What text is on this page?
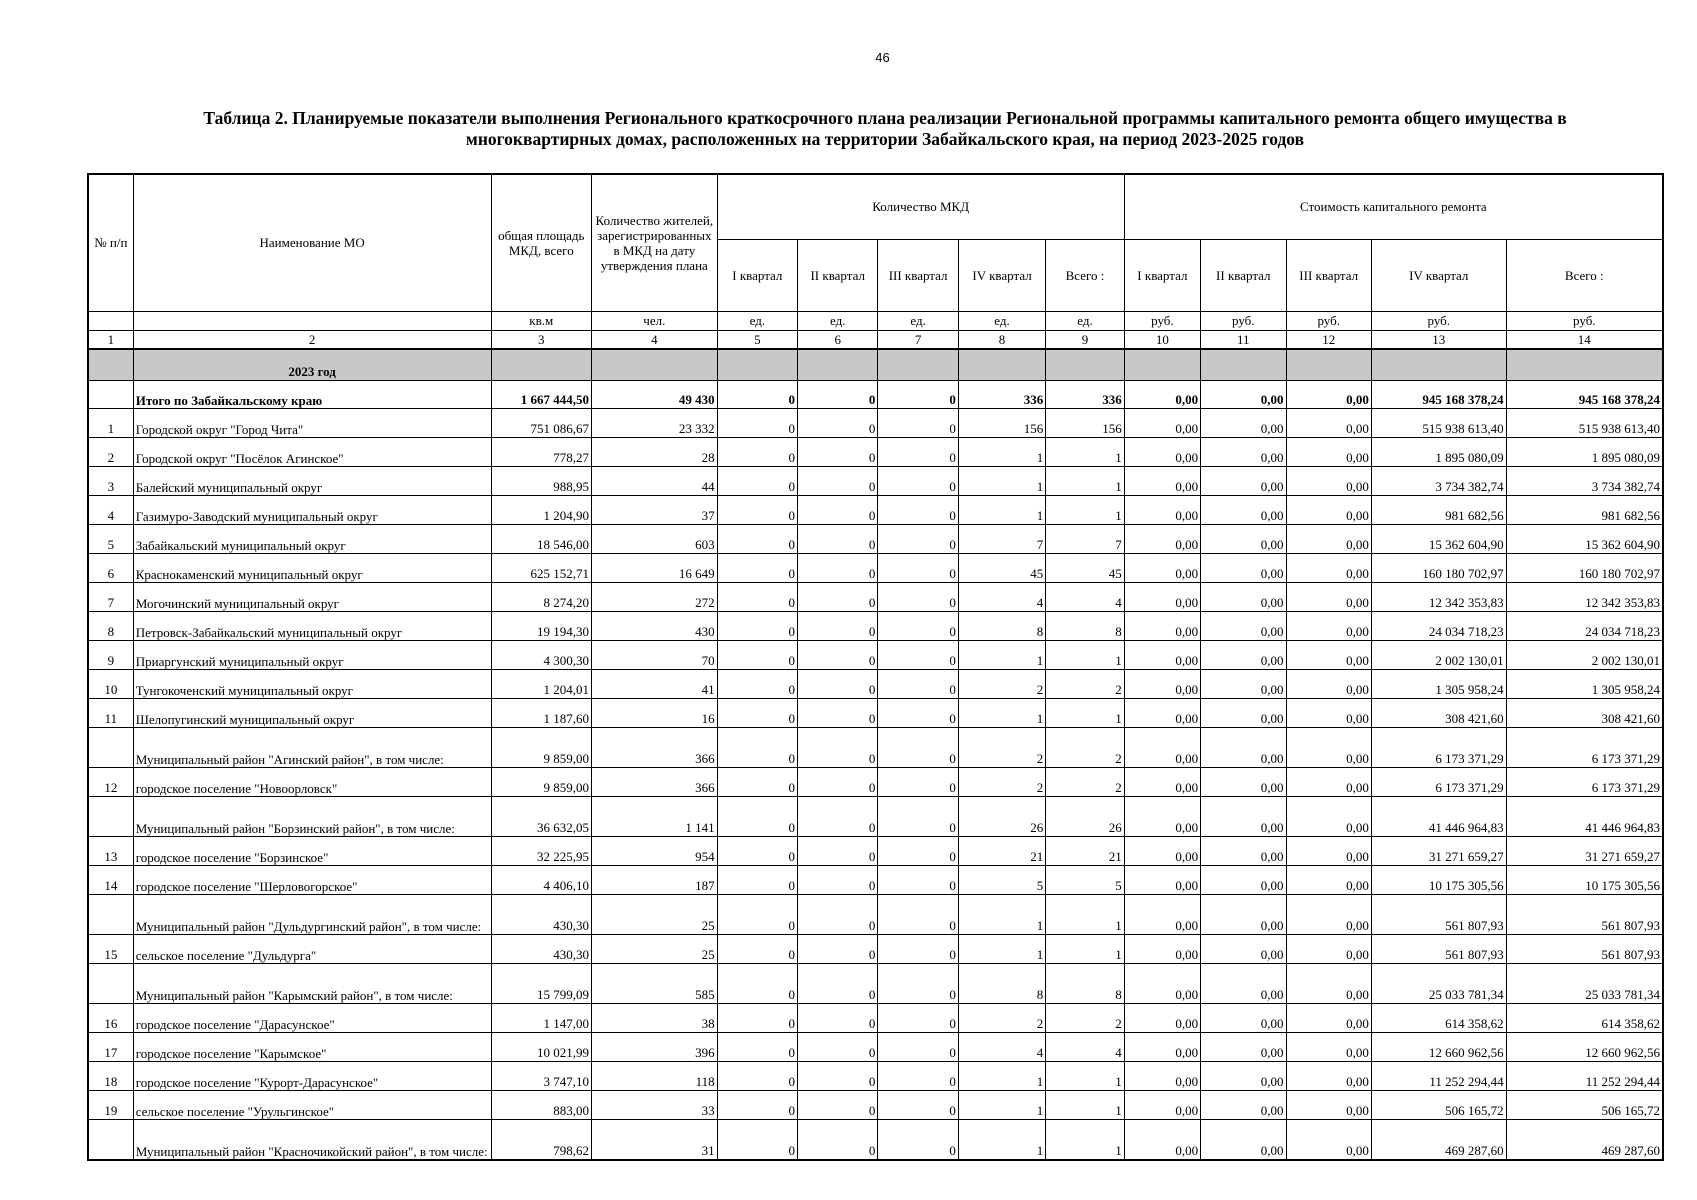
46
Таблица 2. Планируемые показатели выполнения Регионального краткосрочного плана реализации Региональной программы капитального ремонта общего имущества в многоквартирных домах, расположенных на территории Забайкальского края, на период 2023-2025 годов
№ п/п	Наименование МО	общая площадь МКД, всего	Количество жителей, зарегистрированных в МКД на дату утверждения плана	Количество МКД					Стоимость капитального ремонта				
				I квартал	II квартал	III квартал	IV квартал	Всего :	I квартал	II квартал	III квартал	IV квартал	Всего :
		кв.м	чел.	ед.	ед.	ед.	ед.	ед.	руб.	руб.	руб.	руб.	руб.
1	2	3	4	5	6	7	8	9	10	11	12	13	14
	2023 год												
	Итого по Забайкальскому краю	1 667 444,50	49 430	0	0	0	336	336	0,00	0,00	0,00	945 168 378,24	945 168 378,24
1	Городской округ "Город Чита"	751 086,67	23 332	0	0	0	156	156	0,00	0,00	0,00	515 938 613,40	515 938 613,40
2	Городской округ "Посёлок Агинское"	778,27	28	0	0	0	1	1	0,00	0,00	0,00	1 895 080,09	1 895 080,09
3	Балейский муниципальный округ	988,95	44	0	0	0	1	1	0,00	0,00	0,00	3 734 382,74	3 734 382,74
4	Газимуро-Заводский муниципальный округ	1 204,90	37	0	0	0	1	1	0,00	0,00	0,00	981 682,56	981 682,56
5	Забайкальский муниципальный округ	18 546,00	603	0	0	0	7	7	0,00	0,00	0,00	15 362 604,90	15 362 604,90
6	Краснокаменский муниципальный округ	625 152,71	16 649	0	0	0	45	45	0,00	0,00	0,00	160 180 702,97	160 180 702,97
7	Могочинский муниципальный округ	8 274,20	272	0	0	0	4	4	0,00	0,00	0,00	12 342 353,83	12 342 353,83
8	Петровск-Забайкальский муниципальный округ	19 194,30	430	0	0	0	8	8	0,00	0,00	0,00	24 034 718,23	24 034 718,23
9	Приаргунский муниципальный округ	4 300,30	70	0	0	0	1	1	0,00	0,00	0,00	2 002 130,01	2 002 130,01
10	Тунгокоченский муниципальный округ	1 204,01	41	0	0	0	2	2	0,00	0,00	0,00	1 305 958,24	1 305 958,24
11	Шелопугинский муниципальный округ	1 187,60	16	0	0	0	1	1	0,00	0,00	0,00	308 421,60	308 421,60
	Муниципальный район "Агинский район", в том числе:	9 859,00	366	0	0	0	2	2	0,00	0,00	0,00	6 173 371,29	6 173 371,29
12	городское поселение "Новоорловск"	9 859,00	366	0	0	0	2	2	0,00	0,00	0,00	6 173 371,29	6 173 371,29
	Муниципальный район "Борзинский район", в том числе:	36 632,05	1 141	0	0	0	26	26	0,00	0,00	0,00	41 446 964,83	41 446 964,83
13	городское поселение "Борзинское"	32 225,95	954	0	0	0	21	21	0,00	0,00	0,00	31 271 659,27	31 271 659,27
14	городское поселение "Шерловогорское"	4 406,10	187	0	0	0	5	5	0,00	0,00	0,00	10 175 305,56	10 175 305,56
	Муниципальный район "Дульдургинский район", в том числе:	430,30	25	0	0	0	1	1	0,00	0,00	0,00	561 807,93	561 807,93
15	сельское поселение "Дульдурга"	430,30	25	0	0	0	1	1	0,00	0,00	0,00	561 807,93	561 807,93
	Муниципальный район "Карымский район", в том числе:	15 799,09	585	0	0	0	8	8	0,00	0,00	0,00	25 033 781,34	25 033 781,34
16	городское поселение "Дарасунское"	1 147,00	38	0	0	0	2	2	0,00	0,00	0,00	614 358,62	614 358,62
17	городское поселение "Карымское"	10 021,99	396	0	0	0	4	4	0,00	0,00	0,00	12 660 962,56	12 660 962,56
18	городское поселение "Курорт-Дарасунское"	3 747,10	118	0	0	0	1	1	0,00	0,00	0,00	11 252 294,44	11 252 294,44
19	сельское поселение "Урульгинское"	883,00	33	0	0	0	1	1	0,00	0,00	0,00	506 165,72	506 165,72
	Муниципальный район "Красночикойский район", в том числе:	798,62	31	0	0	0	1	1	0,00	0,00	0,00	469 287,60	469 287,60
